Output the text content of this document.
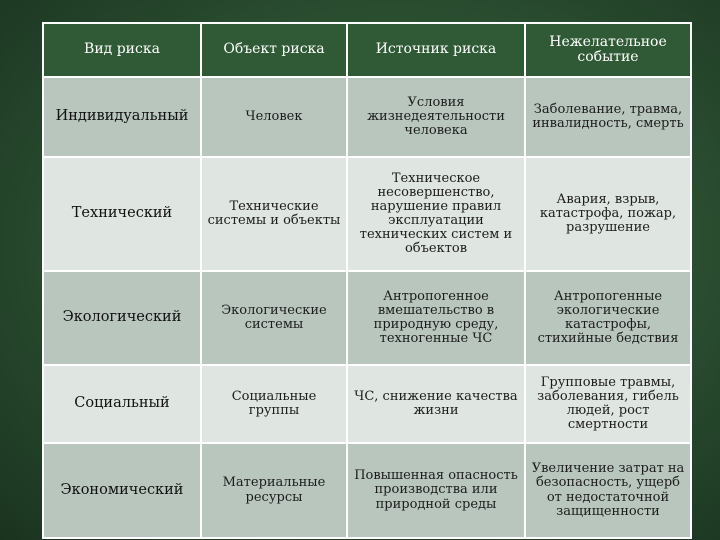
Вид риска	Объект риска	Источник риска	Нежелательное событие
Индивидуальный	Человек	Условия жизнедеятельности человека	Заболевание, травма, инвалидность, смерть
Технический	Технические системы и объекты	Техническое несовершенство, нарушение правил эксплуатации технических систем и объектов	Авария, взрыв, катастрофа, пожар, разрушение
Экологический	Экологические системы	Антропогенное вмешательство в природную среду, техногенные ЧС	Антропогенные экологические катастрофы, стихийные бедствия
Социальный	Социальные группы	ЧС, снижение качества жизни	Групповые травмы, заболевания, гибель людей, рост смертности
Экономический	Материальные ресурсы	Повышенная опасность производства или природной среды	Увеличение затрат на безопасность, ущерб от недостаточной защищенности
